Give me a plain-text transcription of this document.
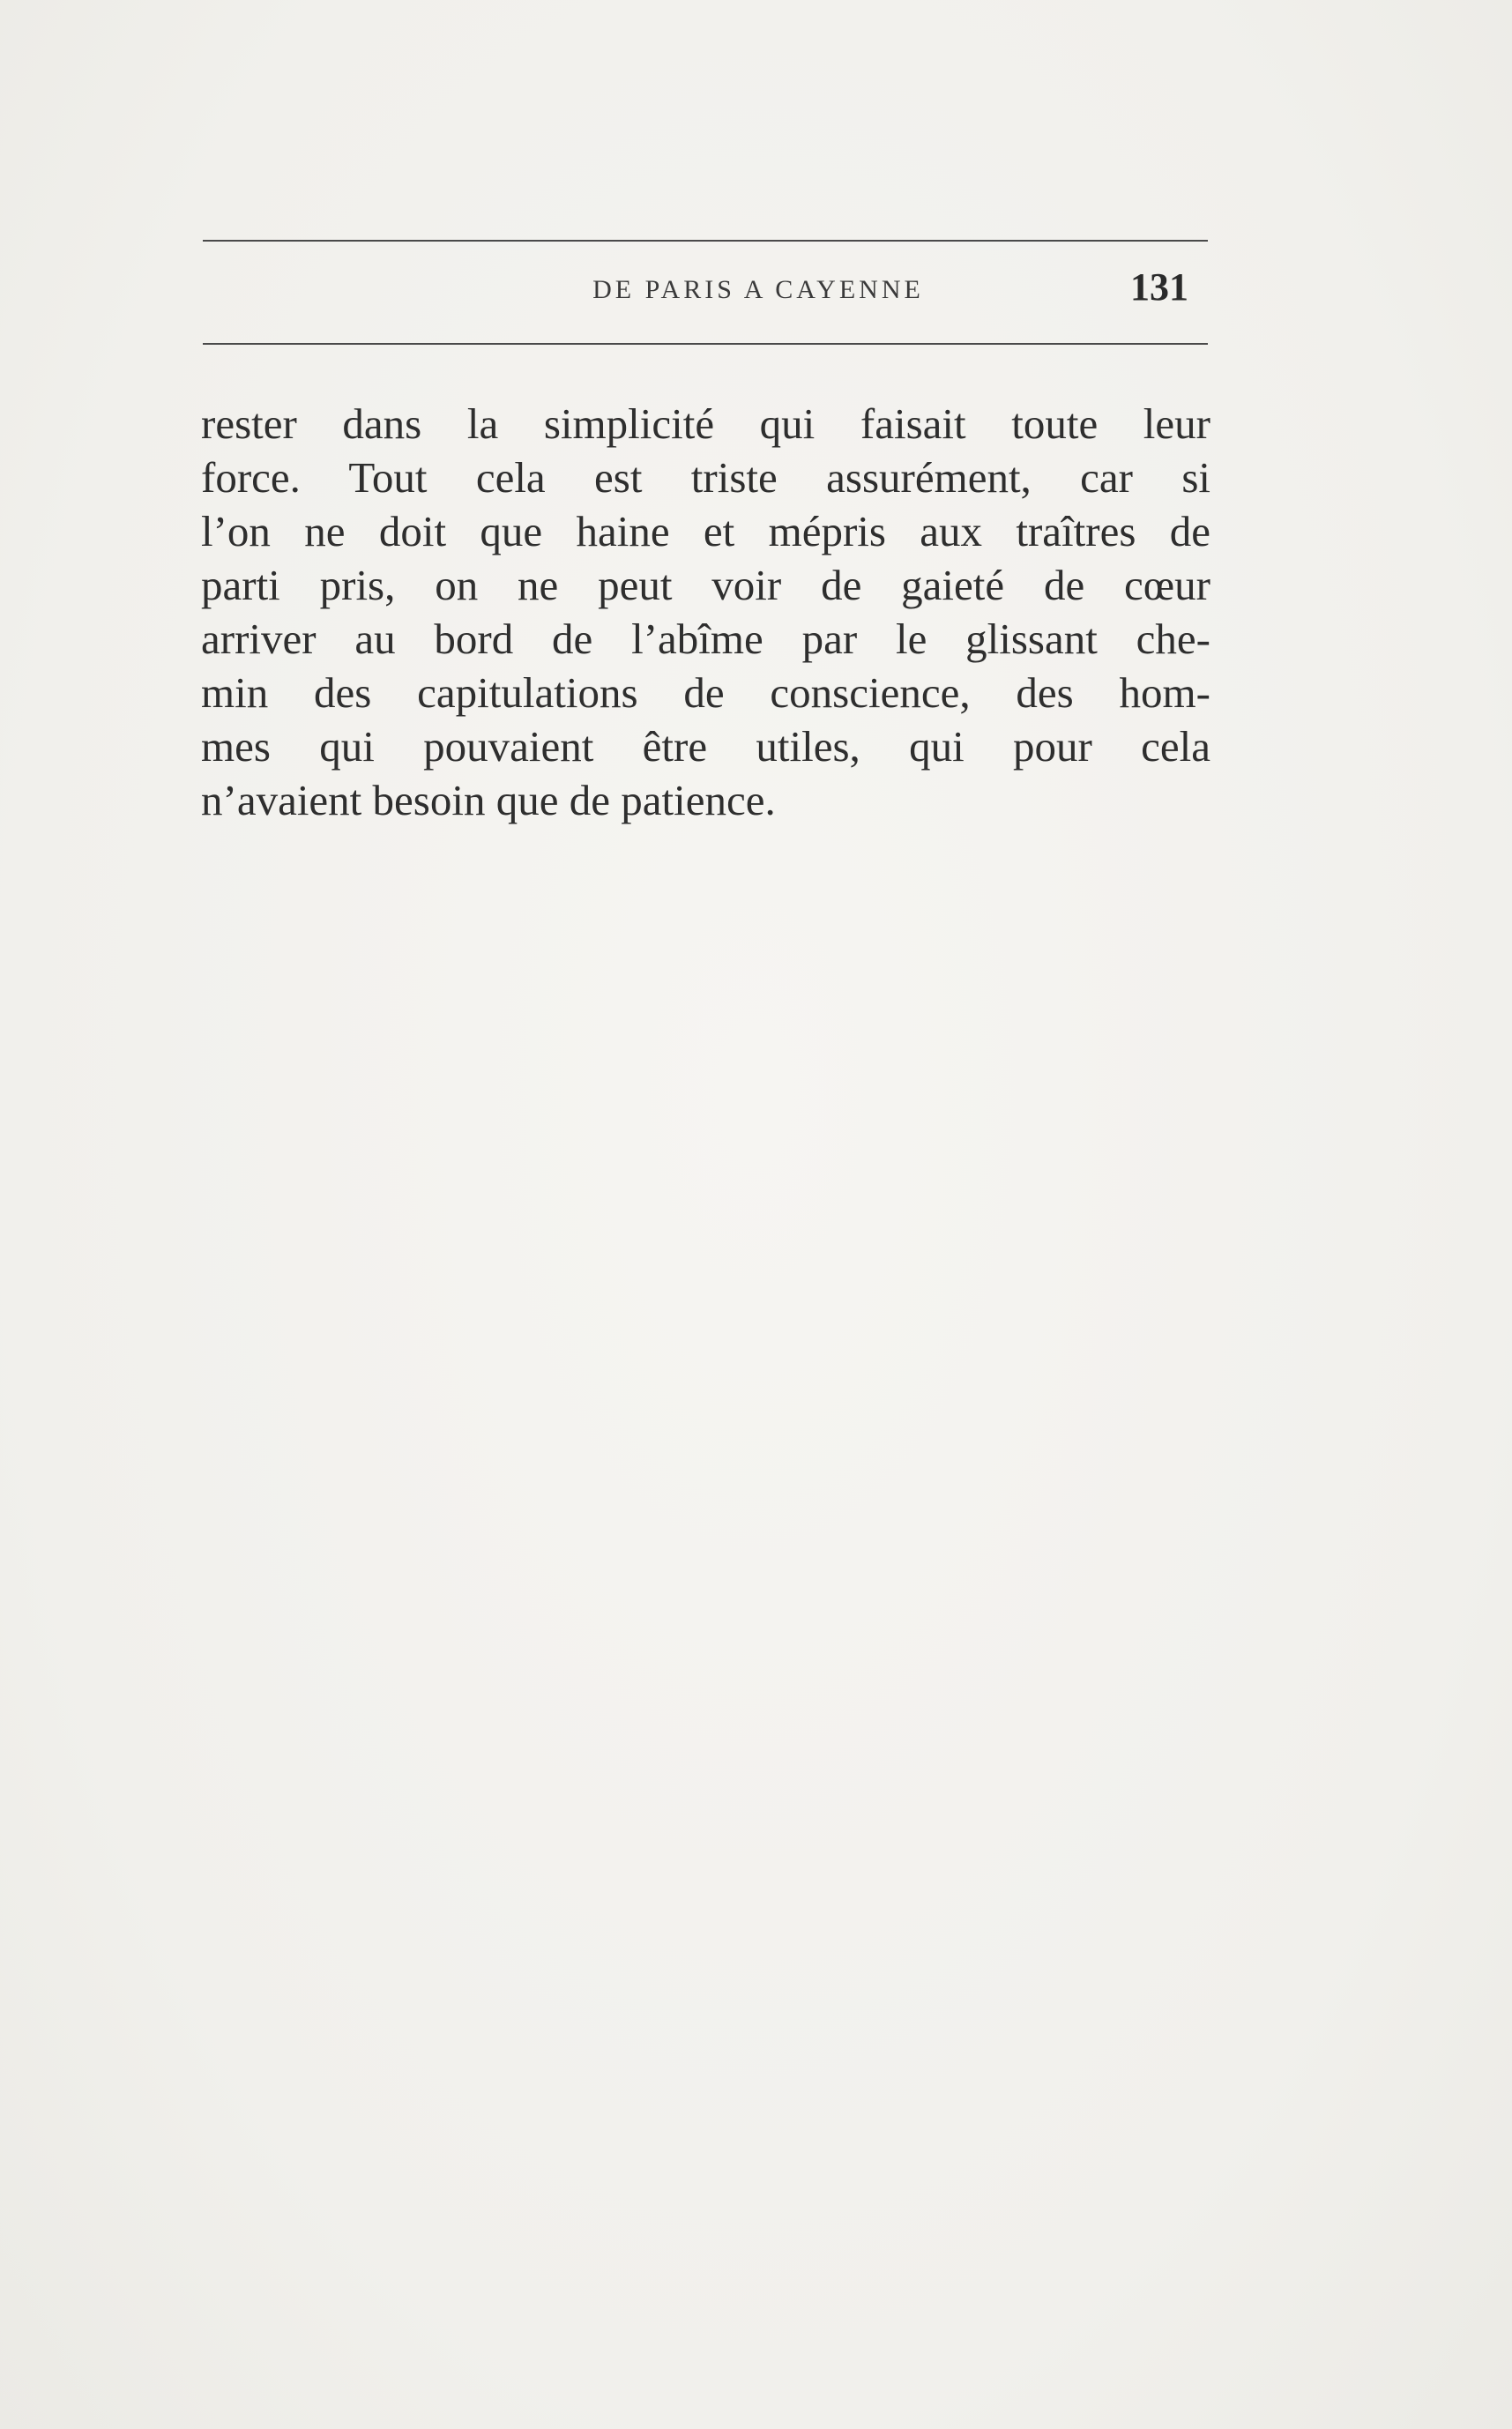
DE PARIS A CAYENNE	131
rester dans la simplicité qui faisait toute leur
force. Tout cela est triste assurément, car si
l’on ne doit que haine et mépris aux traîtres de
parti pris, on ne peut voir de gaieté de cœur
arriver au bord de l’abîme par le glissant che-
min des capitulations de conscience, des hom-
mes qui pouvaient être utiles, qui pour cela
n’avaient besoin que de patience.
